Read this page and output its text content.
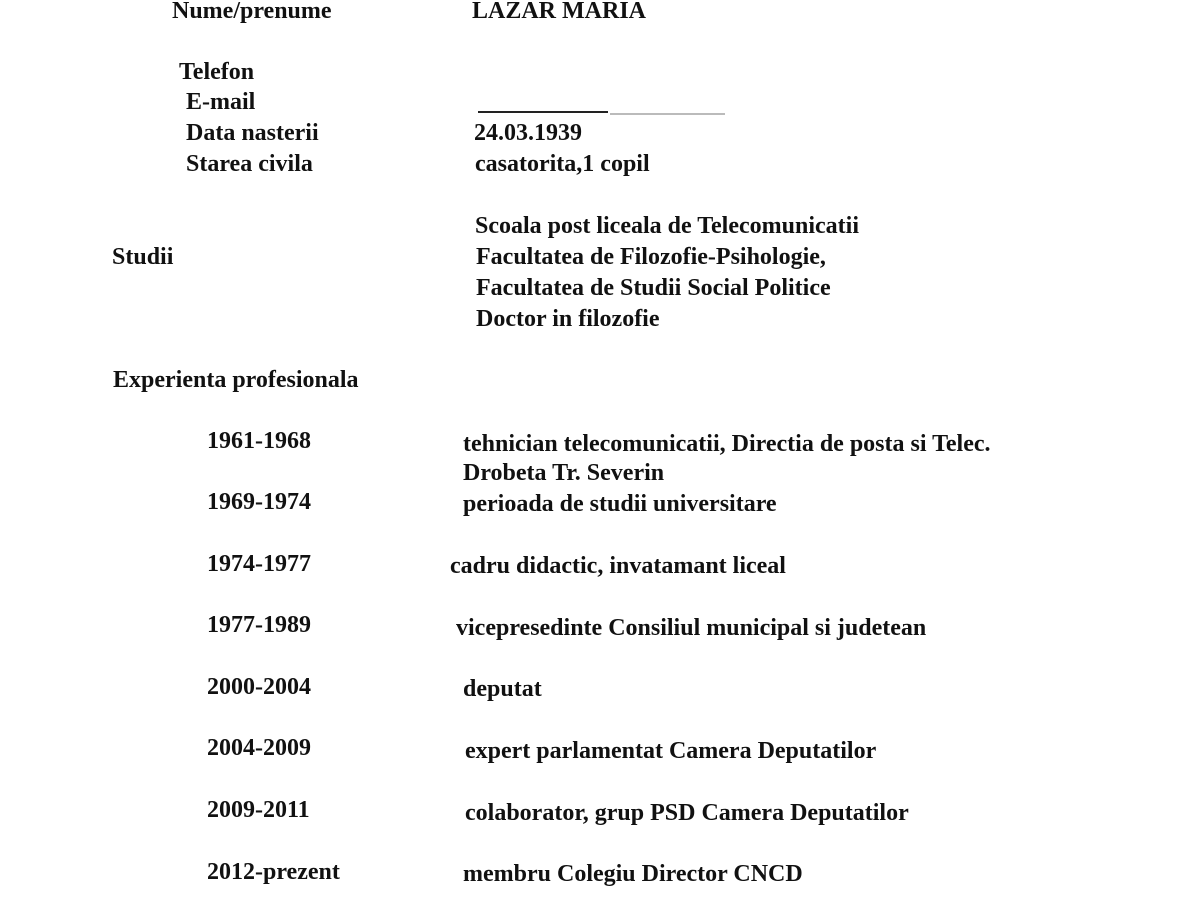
Nume/prenume	LAZAR MARIA
Telefon
E-mail
Data nasterii	24.03.1939
Starea civila	casatorita,1 copil
Studii
Scoala post liceala de Telecomunicatii
Facultatea de Filozofie-Psihologie,
Facultatea de Studii Social Politice
Doctor in filozofie
Experienta profesionala
1961-1968	tehnician telecomunicatii, Directia de posta si Telec.
Drobeta Tr. Severin
1969-1974	perioada de studii universitare
1974-1977	cadru didactic, invatamant liceal
1977-1989	vicepresedinte Consiliul municipal si judetean
2000-2004	deputat
2004-2009	expert parlamentat Camera Deputatilor
2009-2011	colaborator, grup PSD Camera Deputatilor
2012-prezent	membru Colegiu Director CNCD
